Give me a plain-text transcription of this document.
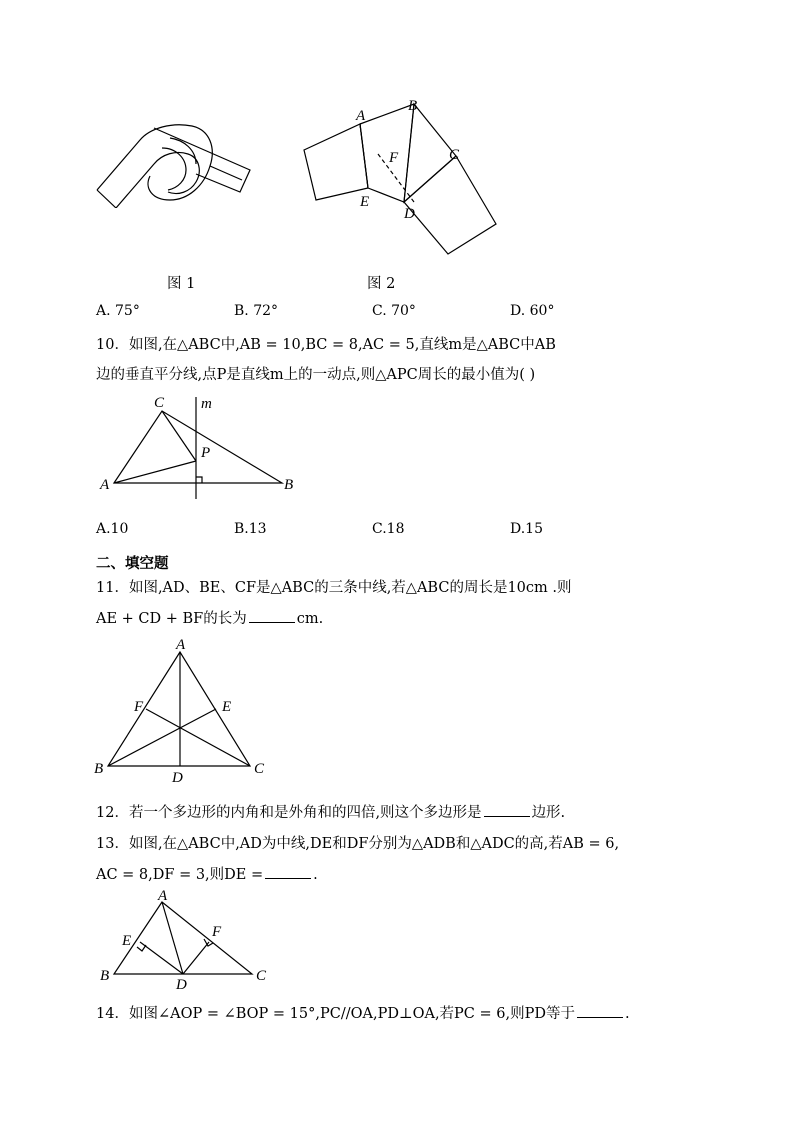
A
B
C
D
E
F
图 1	图 2
A. 75°	B. 72°	C. 70°	D. 60°
10．如图,在△ABC中,AB = 10,BC = 8,AC = 5,直线m是△ABC中AB
边的垂直平分线,点P是直线m上的一动点,则△APC周长的最小值为( )
C m
P
A	B
A.10	B.13	C.18	D.15
二、填空题
11．如图,AD、BE、CF是△ABC的三条中线,若△ABC的周长是10cm .则
AE + CD + BF的长为	cm.
A
F	E
B
D
C
12．若一个多边形的内角和是外角和的四倍,则这个多边形是	边形.
13．如图,在△ABC中,AD为中线,DE和DF分别为△ADB和△ADC的高,若AB = 6,
AC = 8,DF = 3,则DE =	.
A
E
F
B
D
C
14．如图∠AOP = ∠BOP = 15°,PC//OA,PD⊥OA,若PC = 6,则PD等于	.
